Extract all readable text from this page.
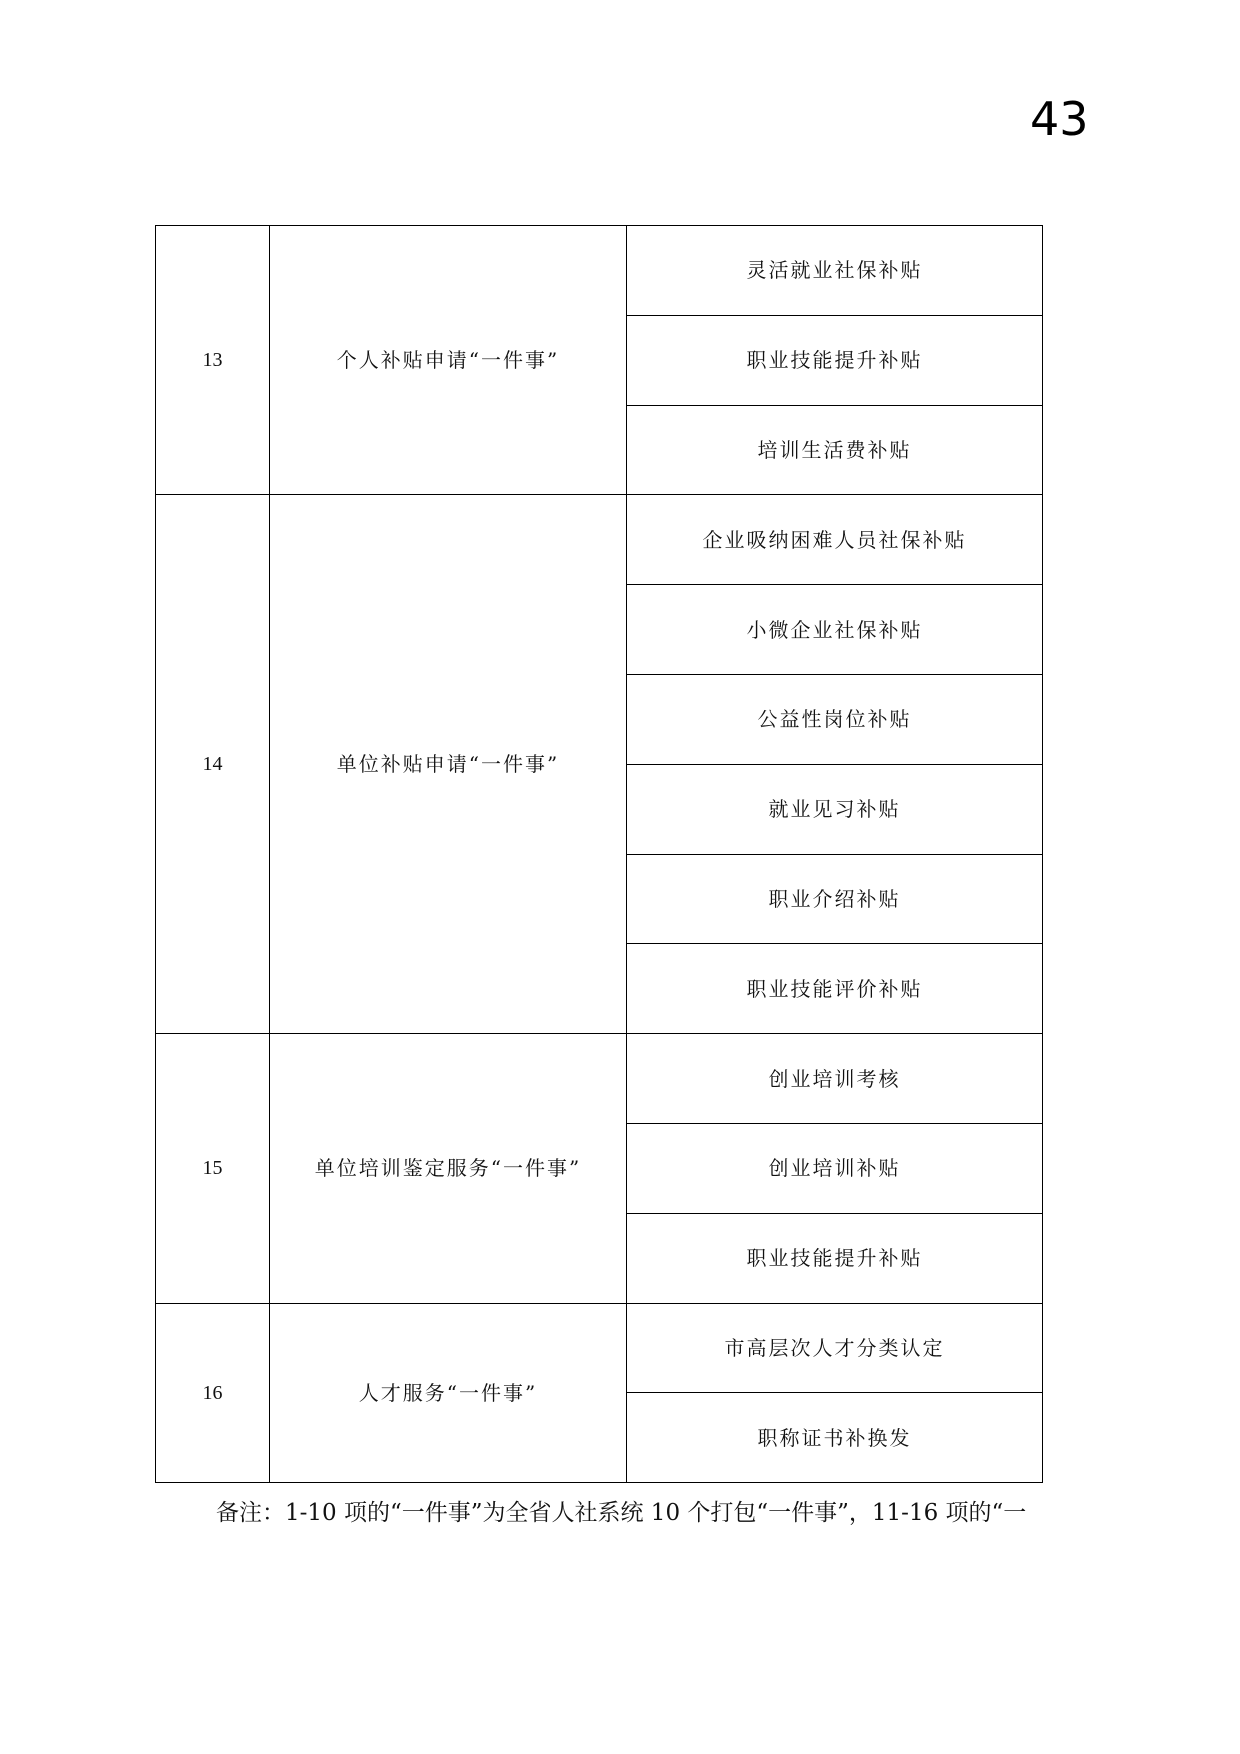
43
13	个人补贴申请“一件事”	灵活就业社保补贴
		职业技能提升补贴
		培训生活费补贴
14	单位补贴申请“一件事”	企业吸纳困难人员社保补贴
		小微企业社保补贴
		公益性岗位补贴
		就业见习补贴
		职业介绍补贴
		职业技能评价补贴
15	单位培训鉴定服务“一件事”	创业培训考核
		创业培训补贴
		职业技能提升补贴
16	人才服务“一件事”	市高层次人才分类认定
		职称证书补换发
备注：1-10 项的“一件事”为全省人社系统 10 个打包“一件事”，11-16 项的“一
